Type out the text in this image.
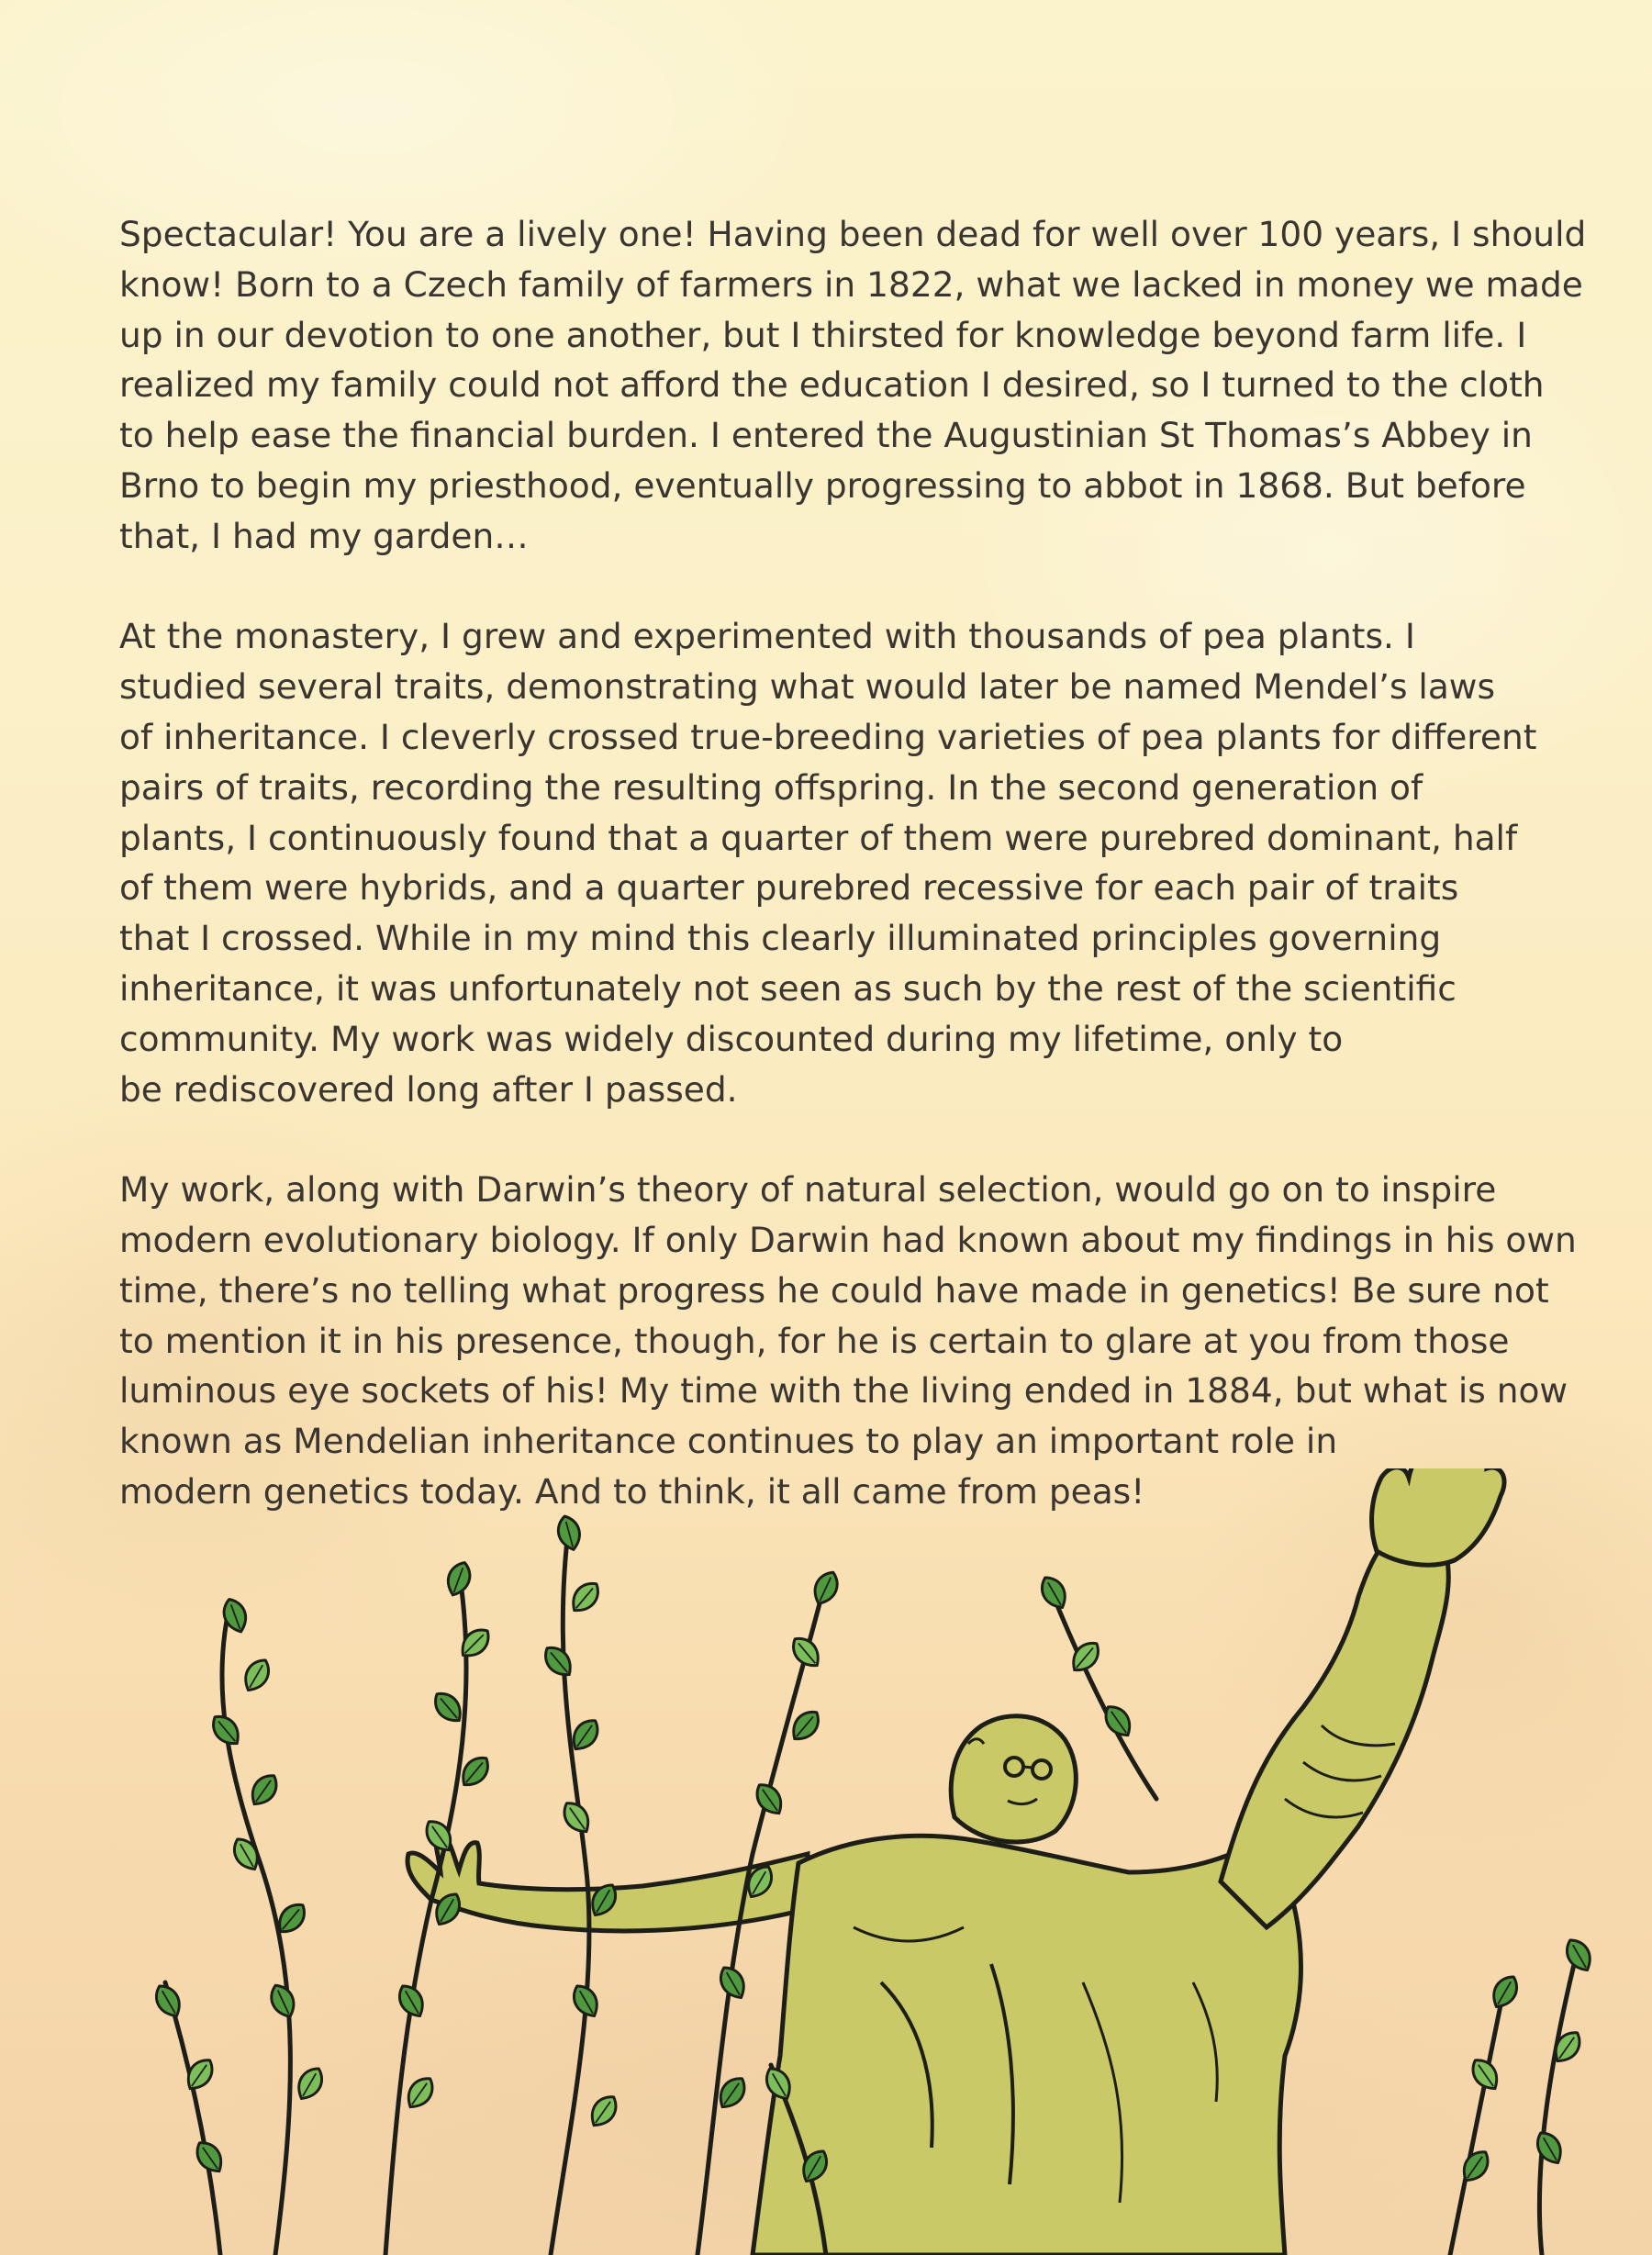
Spectacular! You are a lively one! Having been dead for well over 100 years, I should
know! Born to a Czech family of farmers in 1822, what we lacked in money we made
up in our devotion to one another, but I thirsted for knowledge beyond farm life. I
realized my family could not afford the education I desired, so I turned to the cloth
to help ease the financial burden. I entered the Augustinian St Thomas’s Abbey in
Brno to begin my priesthood, eventually progressing to abbot in 1868. But before
that, I had my garden…

At the monastery, I grew and experimented with thousands of pea plants. I
studied several traits, demonstrating what would later be named Mendel’s laws
of inheritance. I cleverly crossed true-breeding varieties of pea plants for different
pairs of traits, recording the resulting offspring. In the second generation of
plants, I continuously found that a quarter of them were purebred dominant, half
of them were hybrids, and a quarter purebred recessive for each pair of traits
that I crossed. While in my mind this clearly illuminated principles governing
inheritance, it was unfortunately not seen as such by the rest of the scientific
community. My work was widely discounted during my lifetime, only to
be rediscovered long after I passed.

My work, along with Darwin’s theory of natural selection, would go on to inspire
modern evolutionary biology. If only Darwin had known about my findings in his own
time, there’s no telling what progress he could have made in genetics! Be sure not
to mention it in his presence, though, for he is certain to glare at you from those
luminous eye sockets of his! My time with the living ended in 1884, but what is now
known as Mendelian inheritance continues to play an important role in
modern genetics today. And to think, it all came from peas!
